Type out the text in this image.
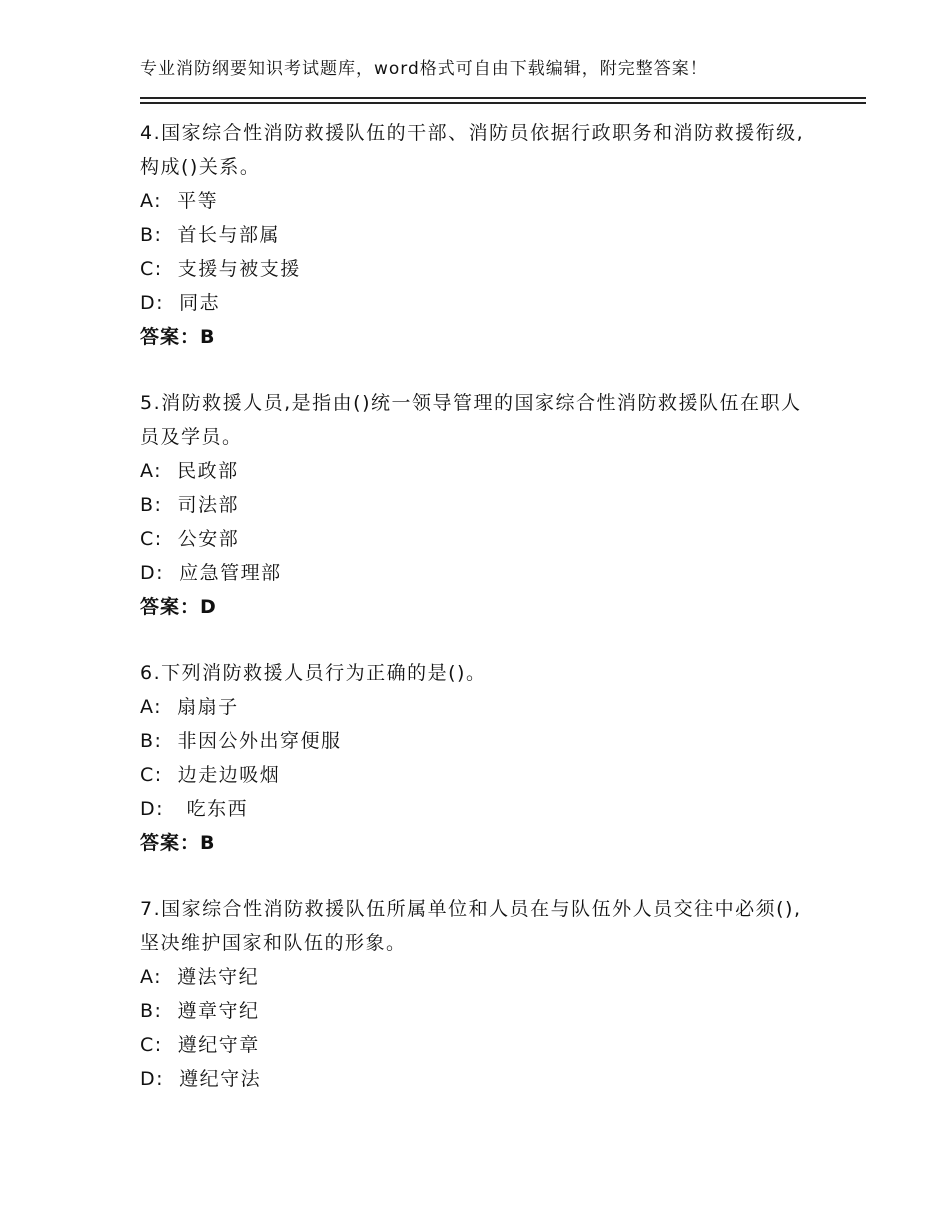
专业消防纲要知识考试题库，word格式可自由下载编辑，附完整答案！

4.国家综合性消防救援队伍的干部、消防员依据行政职务和消防救援衔级,构成()关系。

A:  平等
B:  首长与部属
C:  支援与被支援
D:  同志
答案：B

5.消防救援人员,是指由()统一领导管理的国家综合性消防救援队伍在职人员及学员。

A:  民政部
B:  司法部
C:  公安部
D:  应急管理部
答案：D

6.下列消防救援人员行为正确的是()。

A:  扇扇子
B:  非因公外出穿便服
C:  边走边吸烟
D:   吃东西
答案：B

7.国家综合性消防救援队伍所属单位和人员在与队伍外人员交往中必须(),坚决维护国家和队伍的形象。

A:  遵法守纪
B:  遵章守纪
C:  遵纪守章
D:  遵纪守法
